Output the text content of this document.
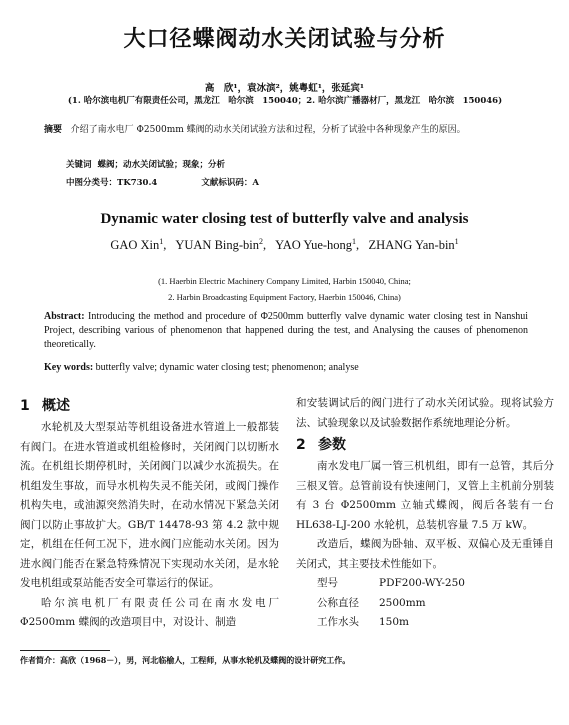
大口径蝶阀动水关闭试验与分析
高　欣¹，袁冰滨²，姚粤虹¹，张延宾¹
(1. 哈尔滨电机厂有限责任公司，黑龙江　哈尔滨　150040；2. 哈尔滨广播器材厂，黑龙江　哈尔滨　150046)
摘要 介绍了南水电厂 Φ2500mm 蝶阀的动水关闭试验方法和过程，分析了试验中各种现象产生的原因。
关键词 蝶阀；动水关闭试验；现象；分析
中图分类号：TK730.4	文献标识码：A
Dynamic water closing test of butterfly valve and analysis
GAO Xin$^1$,   YUAN Bing-bin$^2$,   YAO Yue-hong$^1$,   ZHANG Yan-bin$^1$
(1. Haerbin Electric Machinery Company Limited, Harbin 150040, China;
2. Harbin Broadcasting Equipment Factory, Haerbin 150046, China)
Abstract: Introducing the method and procedure of Φ2500mm butterfly valve dynamic water closing test in Nanshui Project, describing various of phenomenon that happened during the test, and Analysing the causes of phenomenon theoretically.
Key words: butterfly valve; dynamic water closing test; phenomenon; analyse
1 概述

水轮机及大型泵站等机组设备进水管道上一般都装有阀门。在进水管道或机组检修时，关闭阀门以切断水流。在机组长期停机时，关闭阀门以减少水流损失。在机组发生事故，而导水机构失灵不能关闭，或阀门操作机构失电，或油源突然消失时，在动水情况下紧急关闭阀门以防止事故扩大。GB/T 14478-93 第 4.2 款中规定，机组在任何工况下，进水阀门应能动水关闭。因为进水阀门能否在紧急特殊情况下实现动水关闭，是水轮发电机组或泵站能否安全可靠运行的保证。

哈尔滨电机厂有限责任公司在南水发电厂Φ2500mm 蝶阀的改造项目中，对设计、制造

和安装调试后的阀门进行了动水关闭试验。现将试验方法、试验现象以及试验数据作系统地理论分析。

2 参数

南水发电厂属一管三机机组，即有一总管，其后分三根叉管。总管前设有快速闸门，叉管上主机前分别装有 3 台 Φ2500mm 立轴式蝶阀，阀后各装有一台 HL638-LJ-200 水轮机，总装机容量 7.5 万 kW。

改造后，蝶阀为卧轴、双平板、双偏心及无重锤自关闭式，其主要技术性能如下。

型号	PDF200-WY-250
公称直径 2500mm
工作水头 150m
作者简介：高欣（1968－），男，河北临榆人，工程师，从事水轮机及蝶阀的设计研究工作。
